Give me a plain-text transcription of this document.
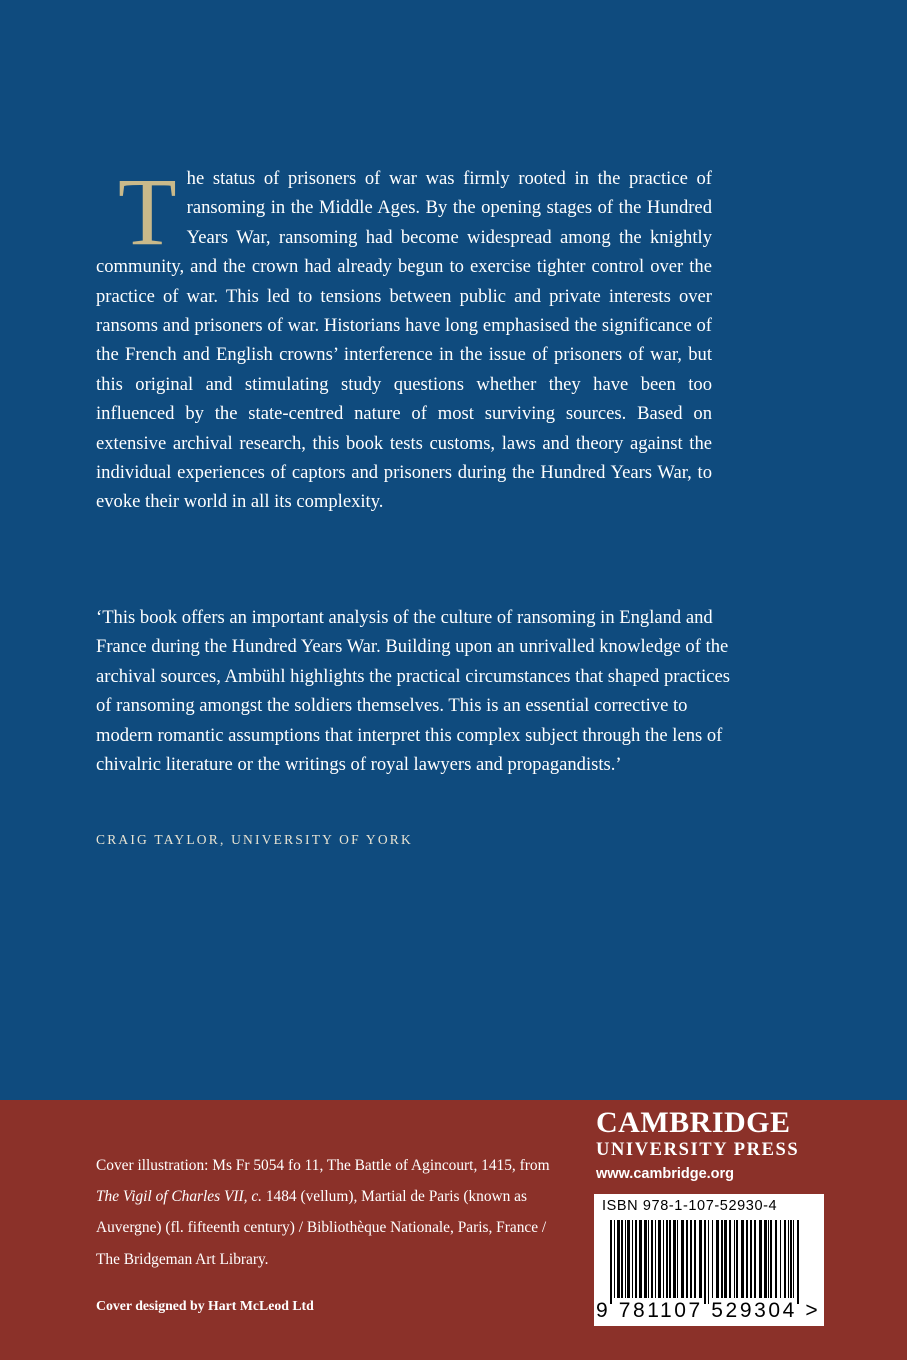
The status of prisoners of war was firmly rooted in the practice of ransoming in the Middle Ages. By the opening stages of the Hundred Years War, ransoming had become widespread among the knightly community, and the crown had already begun to exercise tighter control over the practice of war. This led to tensions between public and private interests over ransoms and prisoners of war. Historians have long emphasised the significance of the French and English crowns’ interference in the issue of prisoners of war, but this original and stimulating study questions whether they have been too influenced by the state-centred nature of most surviving sources. Based on extensive archival research, this book tests customs, laws and theory against the individual experiences of captors and prisoners during the Hundred Years War, to evoke their world in all its complexity.

‘This book offers an important analysis of the culture of ransoming in England and France during the Hundred Years War. Building upon an unrivalled knowledge of the archival sources, Ambühl highlights the practical circumstances that shaped practices of ransoming amongst the soldiers themselves. This is an essential corrective to modern romantic assumptions that interpret this complex subject through the lens of chivalric literature or the writings of royal lawyers and propagandists.’

CRAIG TAYLOR, UNIVERSITY OF YORK
Cover illustration: Ms Fr 5054 fo 11, The Battle of Agincourt, 1415, from The Vigil of Charles VII, c. 1484 (vellum), Martial de Paris (known as Auvergne) (fl. fifteenth century) / Bibliothèque Nationale, Paris, France / The Bridgeman Art Library.
Cover designed by Hart McLeod Ltd
CAMBRIDGE
UNIVERSITY PRESS
www.cambridge.org
ISBN 978-1-107-52930-4
9 781107 529304 >
